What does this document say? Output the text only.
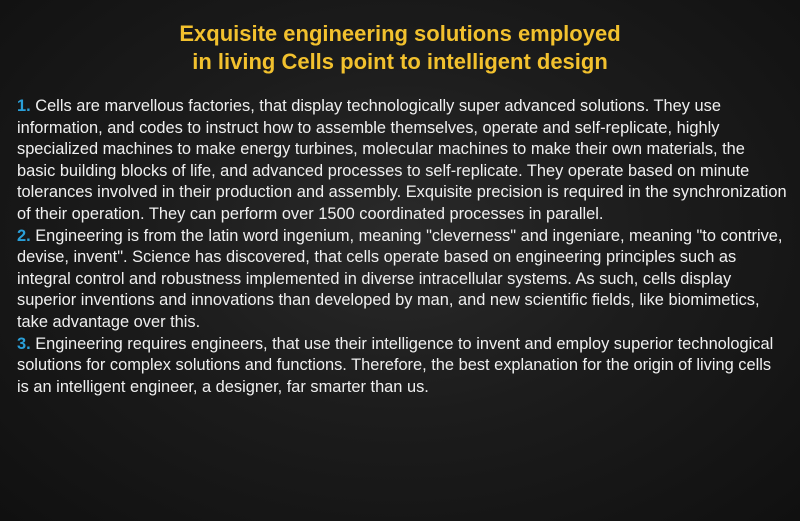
Exquisite engineering solutions employed
in living Cells point to intelligent design

1. Cells are marvellous factories, that display technologically super advanced solutions. They use information, and codes to instruct how to assemble themselves, operate and self-replicate, highly specialized machines to make energy turbines, molecular machines to make their own materials, the basic building blocks of life, and advanced processes to self-replicate. They operate based on minute tolerances involved in their production and assembly. Exquisite precision is required in the synchronization of their operation. They can perform over 1500 coordinated processes in parallel.

2. Engineering is from the latin word ingenium, meaning "cleverness" and ingeniare, meaning "to contrive, devise, invent". Science has discovered, that cells operate based on engineering principles such as integral control and robustness implemented in diverse intracellular systems. As such, cells display superior inventions and innovations than developed by man, and new scientific fields, like biomimetics, take advantage over this.

3. Engineering requires engineers, that use their intelligence to invent and employ superior technological solutions for complex solutions and functions. Therefore, the best explanation for the origin of living cells is an intelligent engineer, a designer, far smarter than us.
